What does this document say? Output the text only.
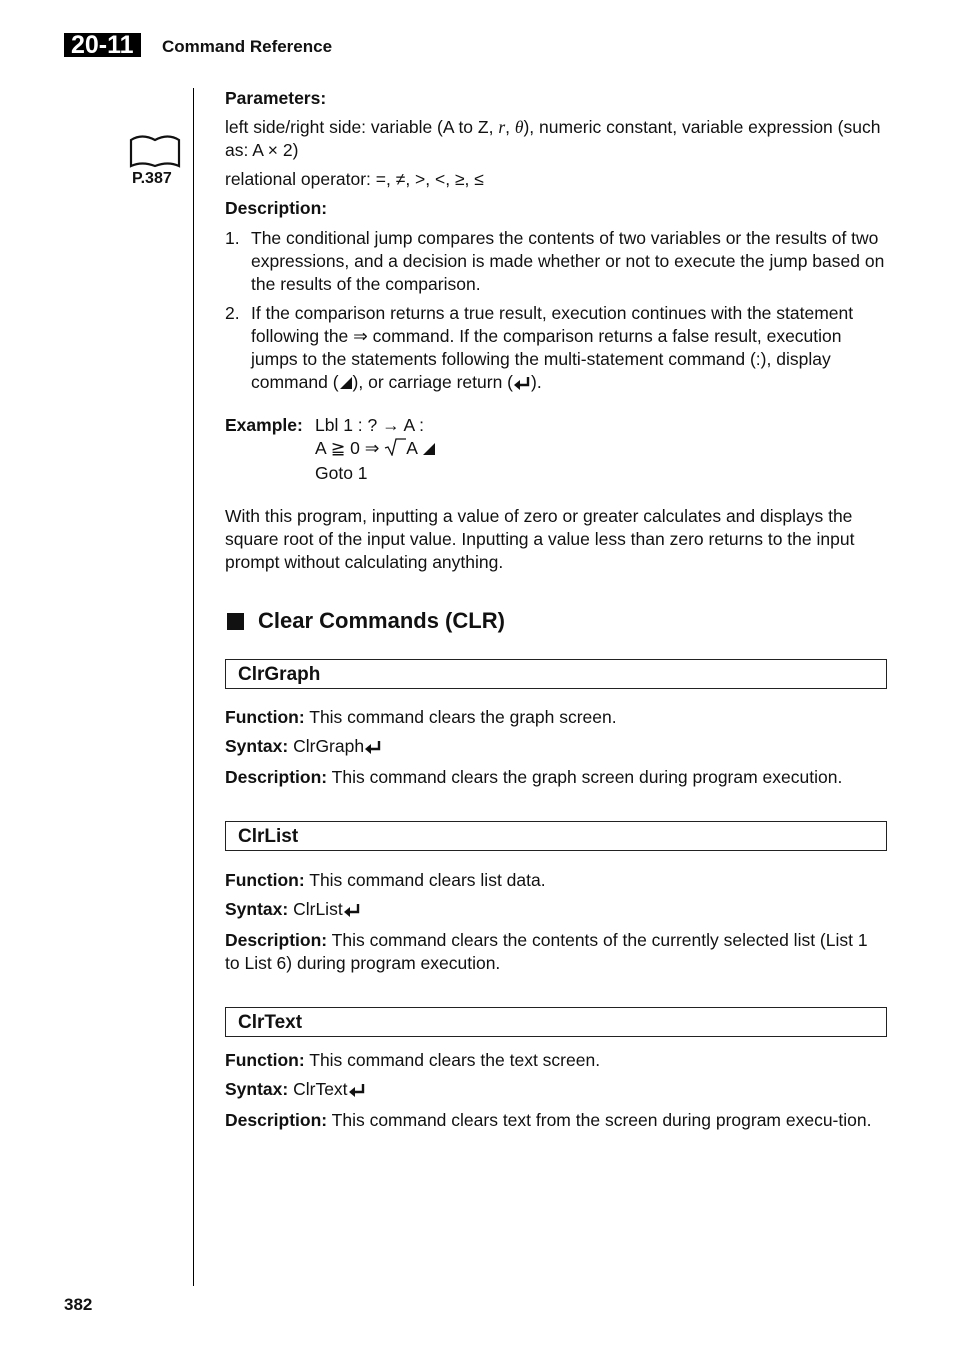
20-11	Command Reference
P.387

Parameters:

left side/right side: variable (A to Z, r, θ), numeric constant, variable expression (such as: A × 2)

relational operator: =, ≠, >, <, ≥, ≤

Description:

1. The conditional jump compares the contents of two variables or the results of two expressions, and a decision is made whether or not to execute the jump based on the results of the comparison.
2. If the comparison returns a true result, execution continues with the statement following the ⇒ command. If the comparison returns a false result, execution jumps to the statements following the multi-statement command (:), display command ( ), or carriage return ( ).
Example: Lbl 1 : ? → A :
A ≧ 0 ⇒ A
Goto 1

With this program, inputting a value of zero or greater calculates and displays the square root of the input value. Inputting a value less than zero returns to the input prompt without calculating anything.

Clear Commands (CLR)
ClrGraph

Function: This command clears the graph screen.

Syntax: ClrGraph

Description: This command clears the graph screen during program execution.

ClrList

Function: This command clears list data.

Syntax: ClrList

Description: This command clears the contents of the currently selected list (List 1 to List 6) during program execution.

ClrText

Function: This command clears the text screen.

Syntax: ClrText

Description: This command clears text from the screen during program execu-tion.

382
